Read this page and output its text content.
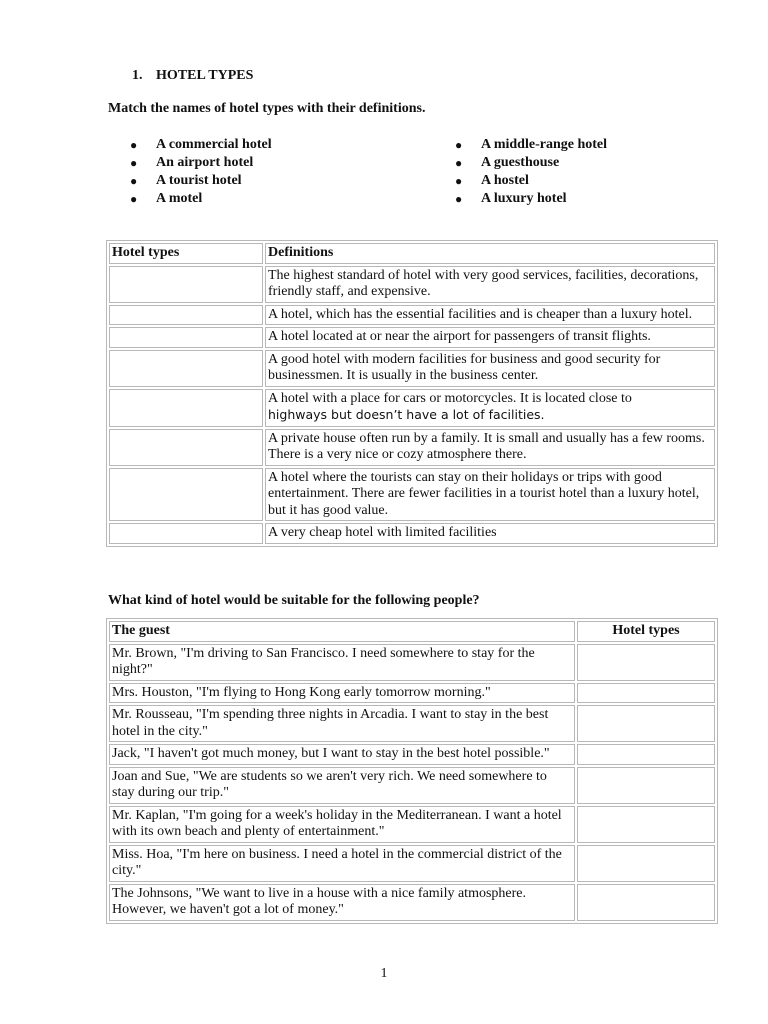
1. HOTEL TYPES
Match the names of hotel types with their definitions.
●	A commercial hotel
●	An airport hotel
●	A tourist hotel
●	A motel
●	A middle-range hotel
●	A guesthouse
●	A hostel
●	A luxury hotel
Hotel types	Definitions
	The highest standard of hotel with very good services, facilities, decorations, friendly staff, and expensive.
	A hotel, which has the essential facilities and is cheaper than a luxury hotel.
	A hotel located at or near the airport for passengers of transit flights.
	A good hotel with modern facilities for business and good security for businessmen. It is usually in the business center.
	A hotel with a place for cars or motorcycles. It is located close to
highways but doesn’t have a lot of facilities.
	A private house often run by a family. It is small and usually has a few rooms. There is a very nice or cozy atmosphere there.
	A hotel where the tourists can stay on their holidays or trips with good entertainment. There are fewer facilities in a tourist hotel than a luxury hotel, but it has good value.
	A very cheap hotel with limited facilities
What kind of hotel would be suitable for the following people?
The guest	Hotel types
Mr. Brown, "I'm driving to San Francisco. I need somewhere to stay for the night?"	
Mrs. Houston, "I'm flying to Hong Kong early tomorrow morning."	
Mr. Rousseau, "I'm spending three nights in Arcadia. I want to stay in the best hotel in the city."	
Jack, "I haven't got much money, but I want to stay in the best hotel possible."	
Joan and Sue, "We are students so we aren't very rich. We need somewhere to stay during our trip."	
Mr. Kaplan, "I'm going for a week's holiday in the Mediterranean. I want a hotel with its own beach and plenty of entertainment."	
Miss. Hoa, "I'm here on business. I need a hotel in the commercial district of the city."	
The Johnsons, "We want to live in a house with a nice family atmosphere. However, we haven't got a lot of money."	
1
